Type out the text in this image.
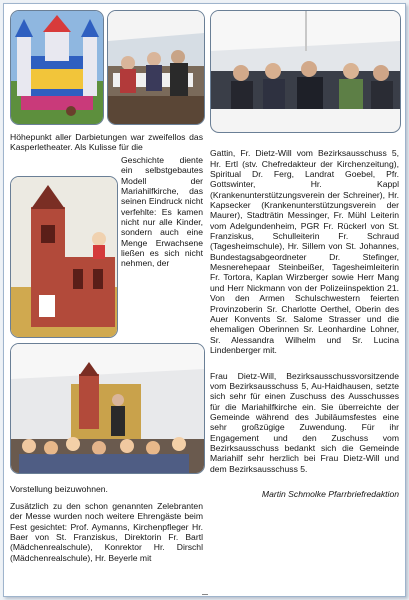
Höhepunkt aller Darbietungen war zweifellos das Kasperletheater. Als Kulisse für die
Geschichte diente ein selbstgebautes Modell der Mariahilfkirche, das seinen Eindruck nicht verfehlte: Es kamen nicht nur alle Kinder, sondern auch eine Menge Erwachsene ließen es sich nicht nehmen, der
Vorstellung beizuwohnen.
Zusätzlich zu den schon genannten Zelebranten der Messe wurden noch weitere Ehrengäste beim Fest gesichtet: Prof. Aymanns, Kirchenpfleger Hr. Baer von St. Franziskus, Direktorin Fr. Bartl (Mädchenrealschule), Konrektor Hr. Dirschl (Mädchenrealschule), Hr. Beyerle mit

Gattin, Fr. Dietz-Will vom Bezirksausschuss 5, Hr. Ertl (stv. Chefredakteur der Kirchenzeitung), Spiritual Dr. Ferg, Landrat Goebel, Pfr. Gottswinter, Hr. Kappl (Krankenunterstützungsverein der Schreiner), Hr. Kapsecker (Krankenunterstützungsverein der Maurer), Stadträtin Messinger, Fr. Mühl Leiterin vom Adelgundenheim, PGR Fr. Rückerl von St. Franziskus, Schulleiterin Fr. Schraud (Tagesheimschule), Hr. Sillem von St. Johannes, Bundestagsabgeordneter Dr. Stefinger, Mesnerehepaar Steinbeißer, Tagesheimleiterin Fr. Tortora, Kaplan Wirzberger sowie Herr Mang und Herr Nickmann von der Polizeiinspektion 21. Von den Armen Schulschwestern feierten Provinzoberin Sr. Charlotte Oerthel, Oberin des Auer Konvents Sr. Salome Strasser und die ehemaligen Oberinnen Sr. Leonhardine Lohner, Sr. Alessandra Wilhelm und Sr. Lucina Lindenberger mit.

Frau Dietz-Will, Bezirksausschussvorsitzende vom Bezirksausschuss 5, Au-Haidhausen, setzte sich sehr für einen Zuschuss des Ausschusses für die Mariahilfkirche ein. Sie überreichte der Gemeinde während des Jubiläumsfestes eine sehr großzügige Zuwendung. Für ihr Engagement und den Zuschuss vom Bezirksausschuss bedankt sich die Gemeinde Mariahilf sehr herzlich bei Frau Dietz-Will und dem Bezirksausschuss 5.

Martin Schmolke Pfarrbriefredaktion
